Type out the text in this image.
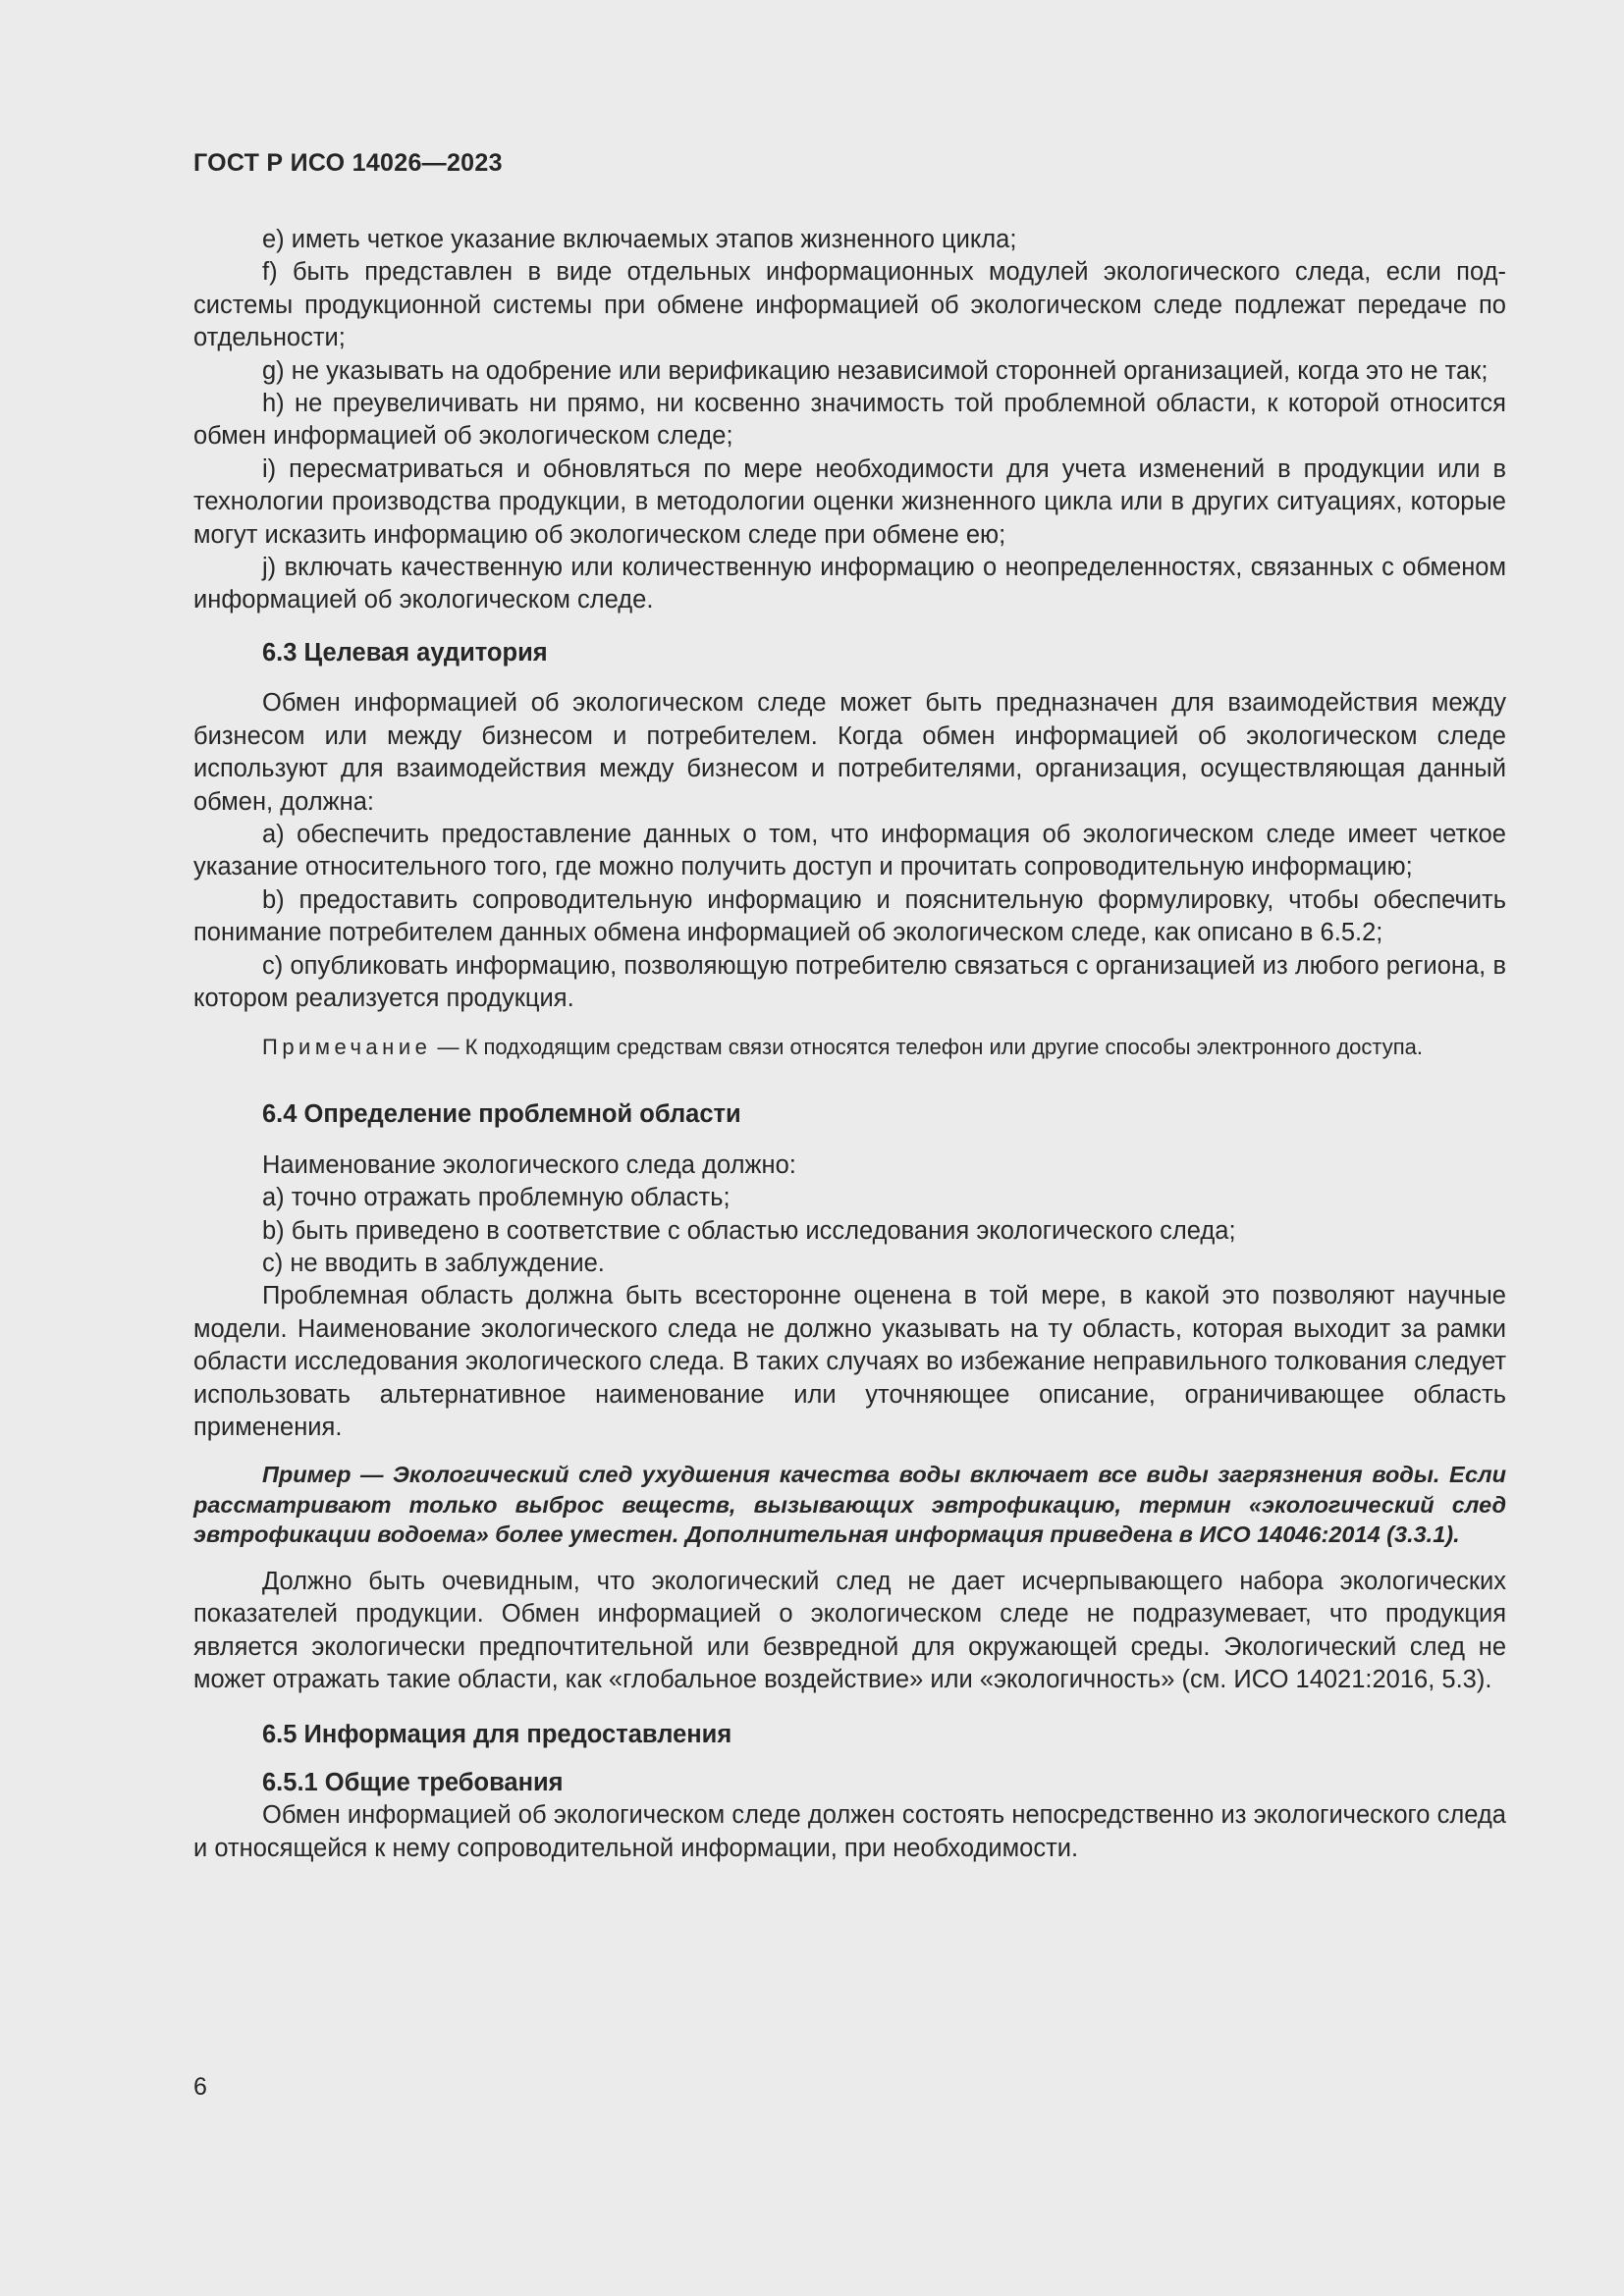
ГОСТ Р ИСО 14026—2023

e) иметь четкое указание включаемых этапов жизненного цикла;

f) быть представлен в виде отдельных информационных модулей экологического следа, если подсистемы продукционной системы при обмене информацией об экологическом следе подлежат передаче по отдельности;

g) не указывать на одобрение или верификацию независимой сторонней организацией, когда это не так;

h) не преувеличивать ни прямо, ни косвенно значимость той проблемной области, к которой относится обмен информацией об экологическом следе;

i) пересматриваться и обновляться по мере необходимости для учета изменений в продукции или в технологии производства продукции, в методологии оценки жизненного цикла или в других ситуациях, которые могут исказить информацию об экологическом следе при обмене ею;

j) включать качественную или количественную информацию о неопределенностях, связанных с обменом информацией об экологическом следе.

6.3 Целевая аудитория

Обмен информацией об экологическом следе может быть предназначен для взаимодействия между бизнесом или между бизнесом и потребителем. Когда обмен информацией об экологическом следе используют для взаимодействия между бизнесом и потребителями, организация, осуществляющая данный обмен, должна:

а) обеспечить предоставление данных о том, что информация об экологическом следе имеет четкое указание относительного того, где можно получить доступ и прочитать сопроводительную информацию;

b) предоставить сопроводительную информацию и пояснительную формулировку, чтобы обеспечить понимание потребителем данных обмена информацией об экологическом следе, как описано в 6.5.2;

с) опубликовать информацию, позволяющую потребителю связаться с организацией из любого региона, в котором реализуется продукция.

Примечание — К подходящим средствам связи относятся телефон или другие способы электронного доступа.

6.4 Определение проблемной области

Наименование экологического следа должно:

а) точно отражать проблемную область;

b) быть приведено в соответствие с областью исследования экологического следа;

с) не вводить в заблуждение.

Проблемная область должна быть всесторонне оценена в той мере, в какой это позволяют научные модели. Наименование экологического следа не должно указывать на ту область, которая выходит за рамки области исследования экологического следа. В таких случаях во избежание неправильного толкования следует использовать альтернативное наименование или уточняющее описание, ограничивающее область применения.

Пример — Экологический след ухудшения качества воды включает все виды загрязнения воды. Если рассматривают только выброс веществ, вызывающих эвтрофикацию, термин «экологический след эвтрофикации водоема» более уместен. Дополнительная информация приведена в ИСО 14046:2014 (3.3.1).

Должно быть очевидным, что экологический след не дает исчерпывающего набора экологических показателей продукции. Обмен информацией о экологическом следе не подразумевает, что продукция является экологически предпочтительной или безвредной для окружающей среды. Экологический след не может отражать такие области, как «глобальное воздействие» или «экологичность» (см. ИСО 14021:2016, 5.3).

6.5 Информация для предоставления

6.5.1 Общие требования

Обмен информацией об экологическом следе должен состоять непосредственно из экологического следа и относящейся к нему сопроводительной информации, при необходимости.

6
